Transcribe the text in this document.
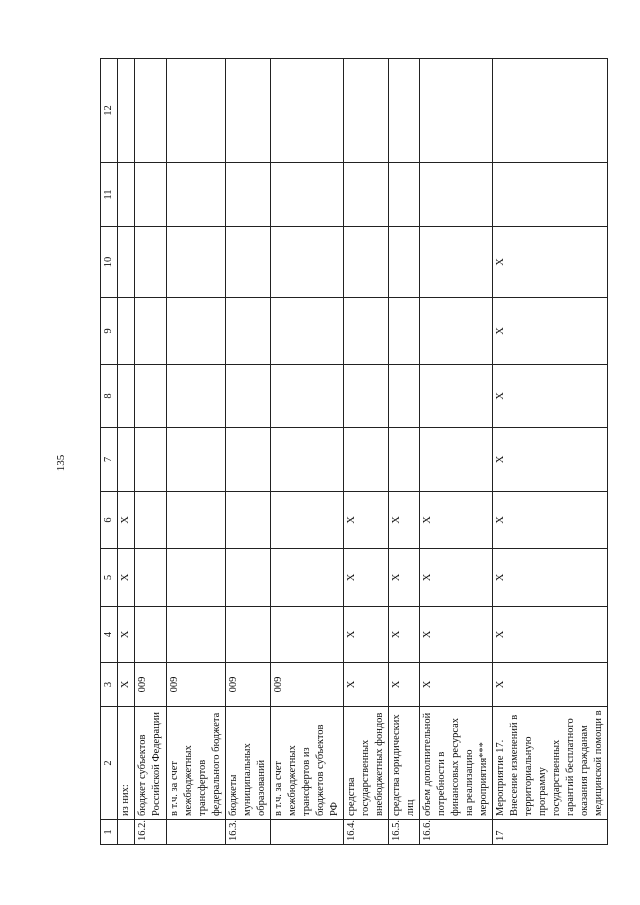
135
1	2	3	4	5	6	7	8	9	10	11	12
	из них:	X	X	X	X						
16.2.	бюджет субъектов Российской Федерации	009									
	в т.ч. за счет межбюджетных трансфертов федерального бюджета	009									
16.3.	бюджеты муниципальных образований	009									
	в т.ч. за счет межбюджетных трансфертов из бюджетов субъектов РФ	009									
16.4.	средства государственных внебюджетных фондов	X	X	X	X						
16.5.	средства юридических лиц	X	X	X	X						
16.6.	объем дополнительной потребности в финансовых ресурсах на реализацию мероприятия***	X	X	X	X						
17	Мероприятие 17. Внесение изменений в территориальную программу государственных гарантий бесплатного оказания гражданам медицинской помощи в	X	X	X	X	X	X	X	X		
